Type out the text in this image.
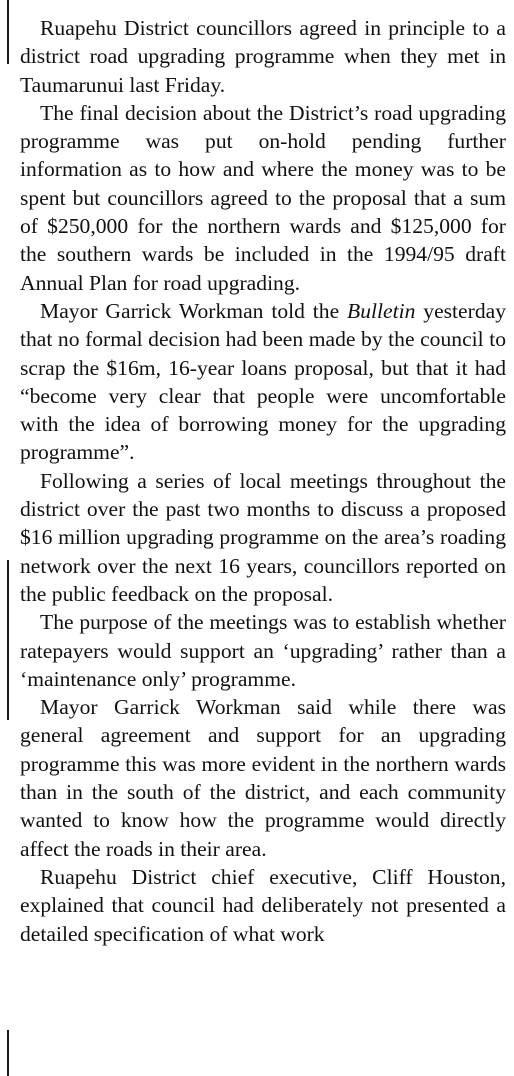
Ruapehu District councillors agreed in principle to a district road upgrading programme when they met in Taumarunui last Friday.

The final decision about the District’s road upgrading programme was put on-hold pending further information as to how and where the money was to be spent but councillors agreed to the proposal that a sum of $250,000 for the northern wards and $125,000 for the southern wards be included in the 1994/95 draft Annual Plan for road upgrading.

Mayor Garrick Workman told the Bulletin yesterday that no formal decision had been made by the council to scrap the $16m, 16-year loans proposal, but that it had “become very clear that people were uncomfortable with the idea of borrowing money for the upgrading programme”.

Following a series of local meetings throughout the district over the past two months to discuss a proposed $16 million upgrading programme on the area’s roading network over the next 16 years, councillors reported on the public feedback on the proposal.

The purpose of the meetings was to establish whether ratepayers would support an ‘upgrading’ rather than a ‘maintenance only’ programme.

Mayor Garrick Workman said while there was general agreement and support for an upgrading programme this was more evident in the northern wards than in the south of the district, and each community wanted to know how the programme would directly affect the roads in their area.

Ruapehu District chief executive, Cliff Houston, explained that council had deliberately not presented a detailed specification of what work
